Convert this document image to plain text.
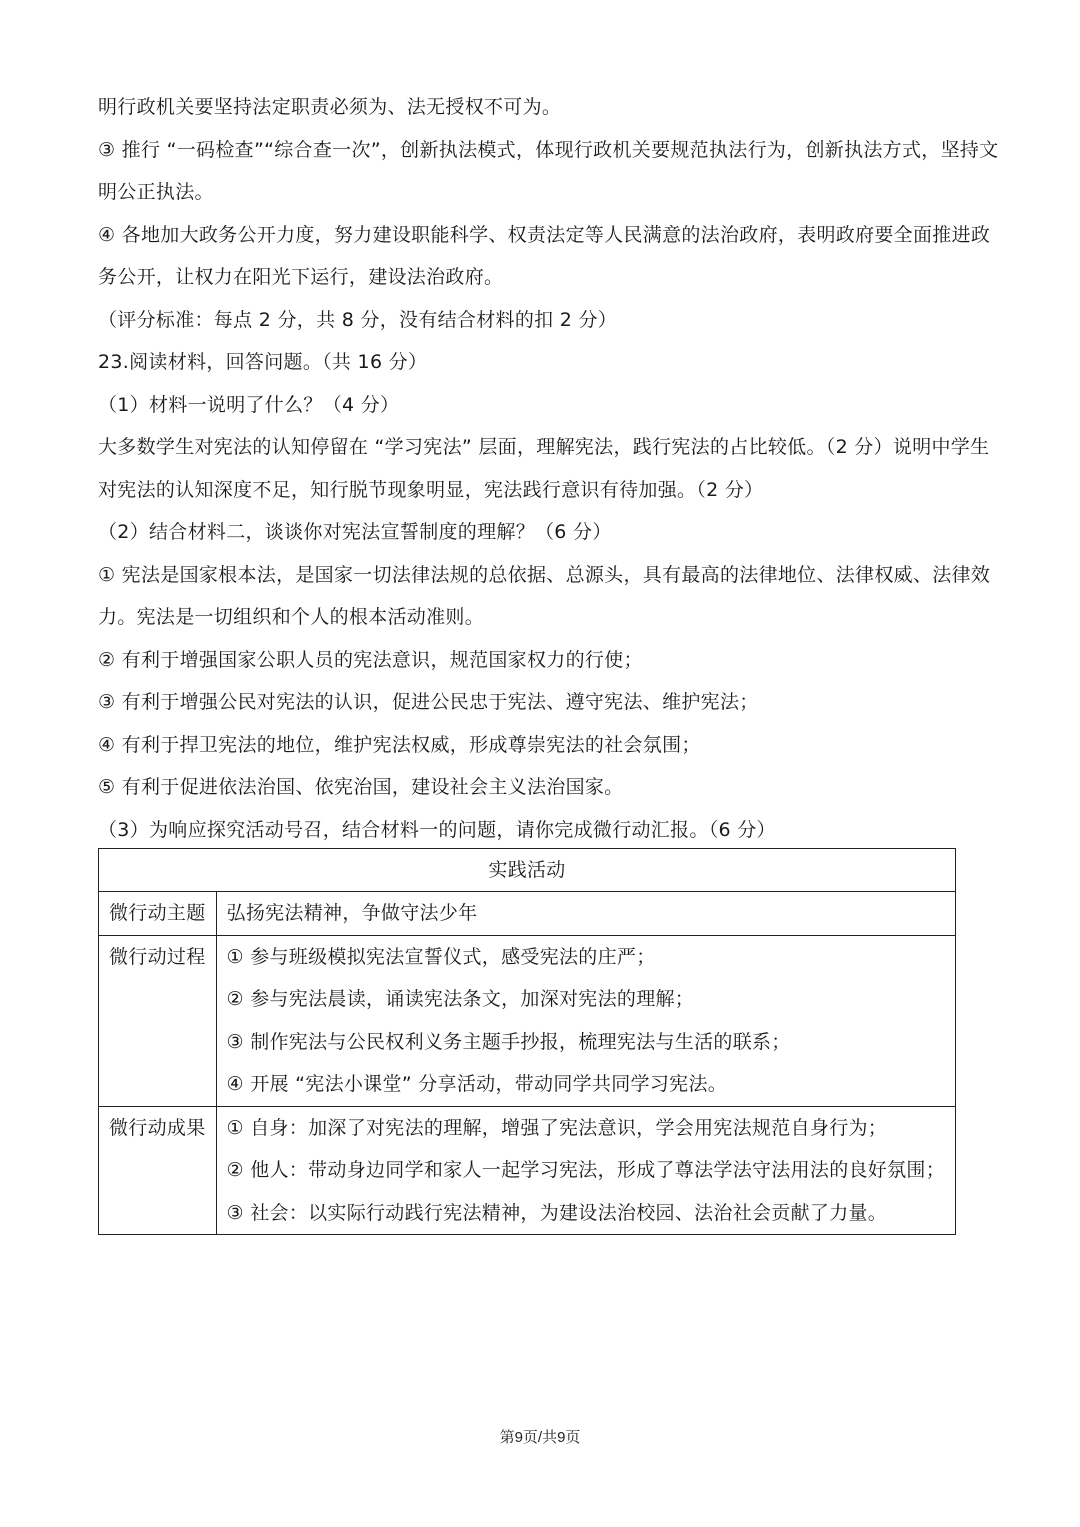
明行政机关要坚持法定职责必须为、法无授权不可为。
③ 推行 “一码检查”“综合查一次”，创新执法模式，体现行政机关要规范执法行为，创新执法方式，坚持文
明公正执法。
④ 各地加大政务公开力度，努力建设职能科学、权责法定等人民满意的法治政府，表明政府要全面推进政
务公开，让权力在阳光下运行，建设法治政府。
（评分标准：每点 2 分，共 8 分，没有结合材料的扣 2 分）
23.阅读材料，回答问题。（共 16 分）
（1）材料一说明了什么？（4 分）
大多数学生对宪法的认知停留在 “学习宪法” 层面，理解宪法，践行宪法的占比较低。（2 分）说明中学生
对宪法的认知深度不足，知行脱节现象明显，宪法践行意识有待加强。（2 分）
（2）结合材料二，谈谈你对宪法宣誓制度的理解？（6 分）
① 宪法是国家根本法，是国家一切法律法规的总依据、总源头，具有最高的法律地位、法律权威、法律效
力。宪法是一切组织和个人的根本活动准则。
② 有利于增强国家公职人员的宪法意识，规范国家权力的行使；
③ 有利于增强公民对宪法的认识，促进公民忠于宪法、遵守宪法、维护宪法；
④ 有利于捍卫宪法的地位，维护宪法权威，形成尊崇宪法的社会氛围；
⑤ 有利于促进依法治国、依宪治国，建设社会主义法治国家。
（3）为响应探究活动号召，结合材料一的问题，请你完成微行动汇报。（6 分）
实践活动	

微行动主题	弘扬宪法精神，争做守法少年

微行动过程	① 参与班级模拟宪法宣誓仪式，感受宪法的庄严；
② 参与宪法晨读，诵读宪法条文，加深对宪法的理解；
③ 制作宪法与公民权利义务主题手抄报，梳理宪法与生活的联系；
④ 开展 “宪法小课堂” 分享活动，带动同学共同学习宪法。

微行动成果	① 自身：加深了对宪法的理解，增强了宪法意识，学会用宪法规范自身行为；
② 他人：带动身边同学和家人一起学习宪法，形成了尊法学法守法用法的良好氛围；
③ 社会：以实际行动践行宪法精神，为建设法治校园、法治社会贡献了力量。
第9页/共9页
